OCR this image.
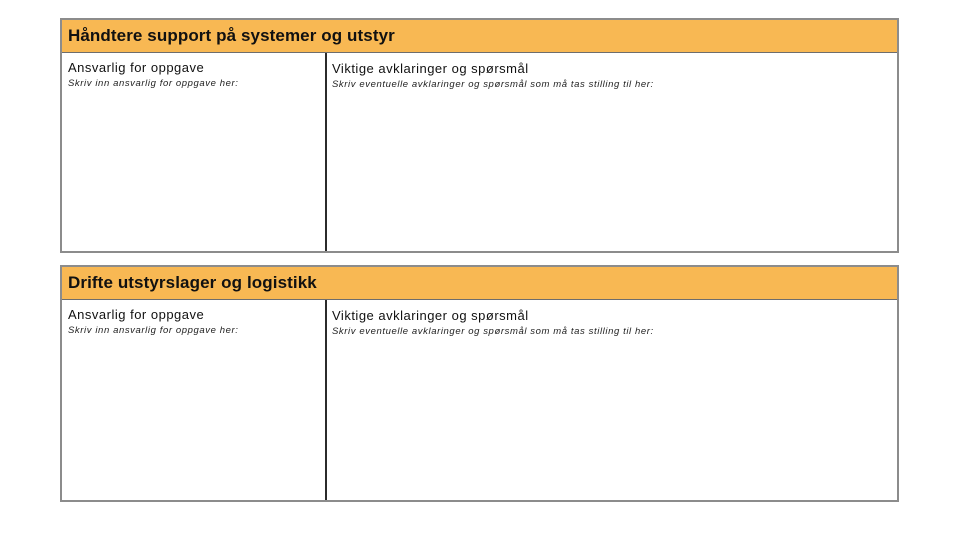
Håndtere support på systemer og utstyr
Ansvarlig for oppgave
Skriv inn ansvarlig for oppgave her:
Viktige avklaringer og spørsmål
Skriv eventuelle avklaringer og spørsmål som må tas stilling til her:
Drifte utstyrslager og logistikk
Ansvarlig for oppgave
Skriv inn ansvarlig for oppgave her:
Viktige avklaringer og spørsmål
Skriv eventuelle avklaringer og spørsmål som må tas stilling til her:
